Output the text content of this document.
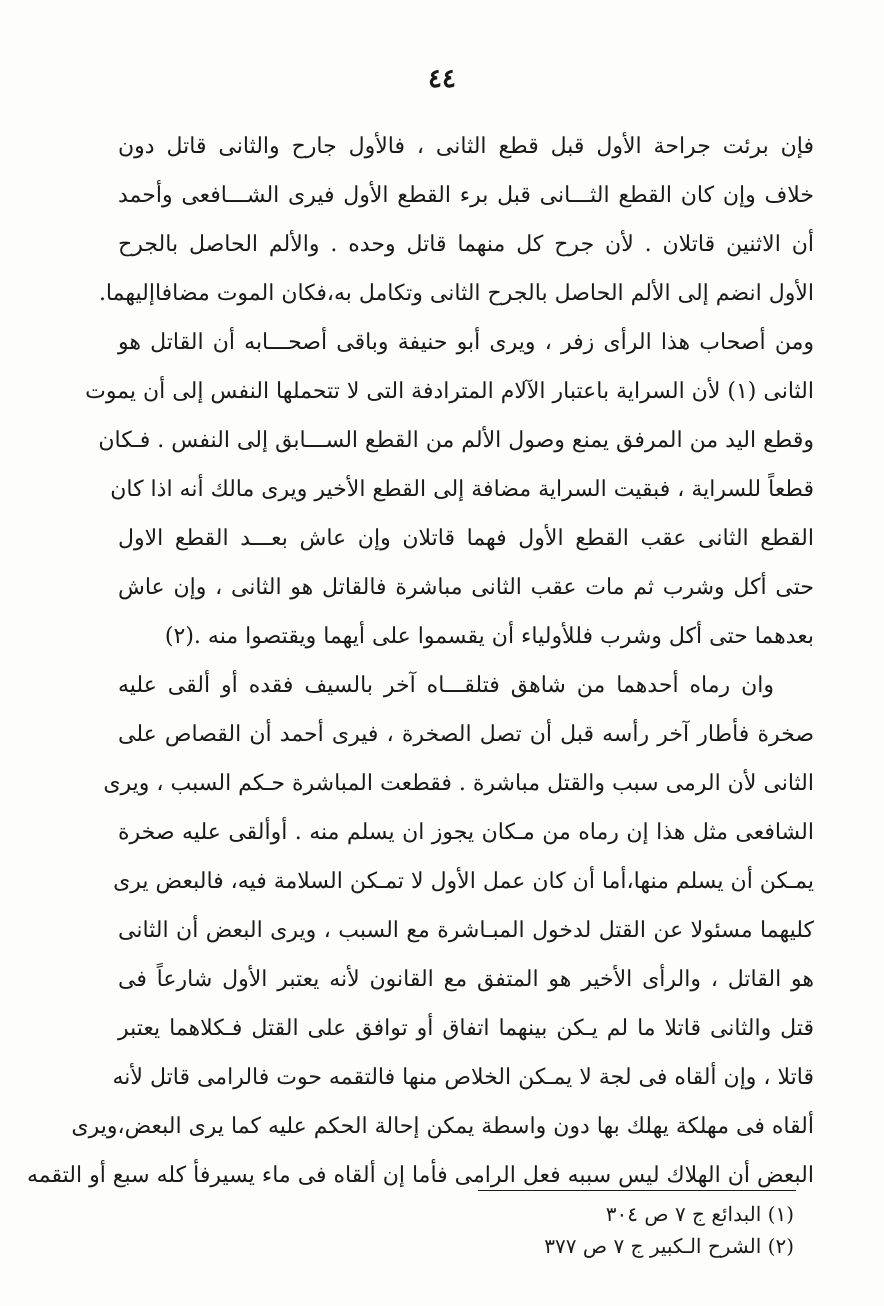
٤٤
فإن برئت جراحة الأول قبل قطع الثانى ، فالأول جارح والثانى قاتل دون
خلاف وإن كان القطع الثـــانى قبل برء القطع الأول فيرى الشـــافعى وأحمد
أن الاثنين قاتلان . لأن جرح كل منهما قاتل وحده . والألم الحاصل بالجرح
الأول انضم إلى الألم الحاصل بالجرح الثانى وتكامل به،فكان الموت مضافاإليهما.
ومن أصحاب هذا الرأى زفر ، ويرى أبو حنيفة وباقى أصحـــابه أن القاتل هو
الثانى (١) لأن السراية باعتبار الآلام المترادفة التى لا تتحملها النفس إلى أن يموت
وقطع اليد من المرفق يمنع وصول الألم من القطع الســـابق إلى النفس . فـكان
قطعاً للسراية ، فبقيت السراية مضافة إلى القطع الأخير ويرى مالك أنه اذا كان
القطع الثانى عقب القطع الأول فهما قاتلان وإن عاش بعـــد القطع الاول
حتى أكل وشرب ثم مات عقب الثانى مباشرة فالقاتل هو الثانى ، وإن عاش
بعدهما حتى أكل وشرب فللأولياء أن يقسموا على أيهما ويقتصوا منه .(٢)
وان رماه أحدهما من شاهق فتلقـــاه آخر بالسيف فقده أو ألقى عليه
صخرة فأطار آخر رأسه قبل أن تصل الصخرة ، فيرى أحمد أن القصاص على
الثانى لأن الرمى سبب والقتل مباشرة . فقطعت المباشرة حـكم السبب ، ويرى
الشافعى مثل هذا إن رماه من مـكان يجوز ان يسلم منه . أوألقى عليه صخرة
يمـكن أن يسلم منها،أما أن كان عمل الأول لا تمـكن السلامة فيه، فالبعض يرى
كليهما مسئولا عن القتل لدخول المبـاشرة مع السبب ، ويرى البعض أن الثانى
هو القاتل ، والرأى الأخير هو المتفق مع القانون لأنه يعتبر الأول شارعاً فى
قتل والثانى قاتلا ما لم يـكن بينهما اتفاق أو توافق على القتل فـكلاهما يعتبر
قاتلا ، وإن ألقاه فى لجة لا يمـكن الخلاص منها فالتقمه حوت فالرامى قاتل لأنه
ألقاه فى مهلكة يهلك بها دون واسطة يمكن إحالة الحكم عليه كما يرى البعض،ويرى
البعض أن الهلاك ليس سببه فعل الرامى فأما إن ألقاه فى ماء يسيرفأ كله سبع أو التقمه
(١) البدائع ج ٧ ص ٣٠٤
(٢) الشرح الـكبير ج ٧ ص ٣٧٧
